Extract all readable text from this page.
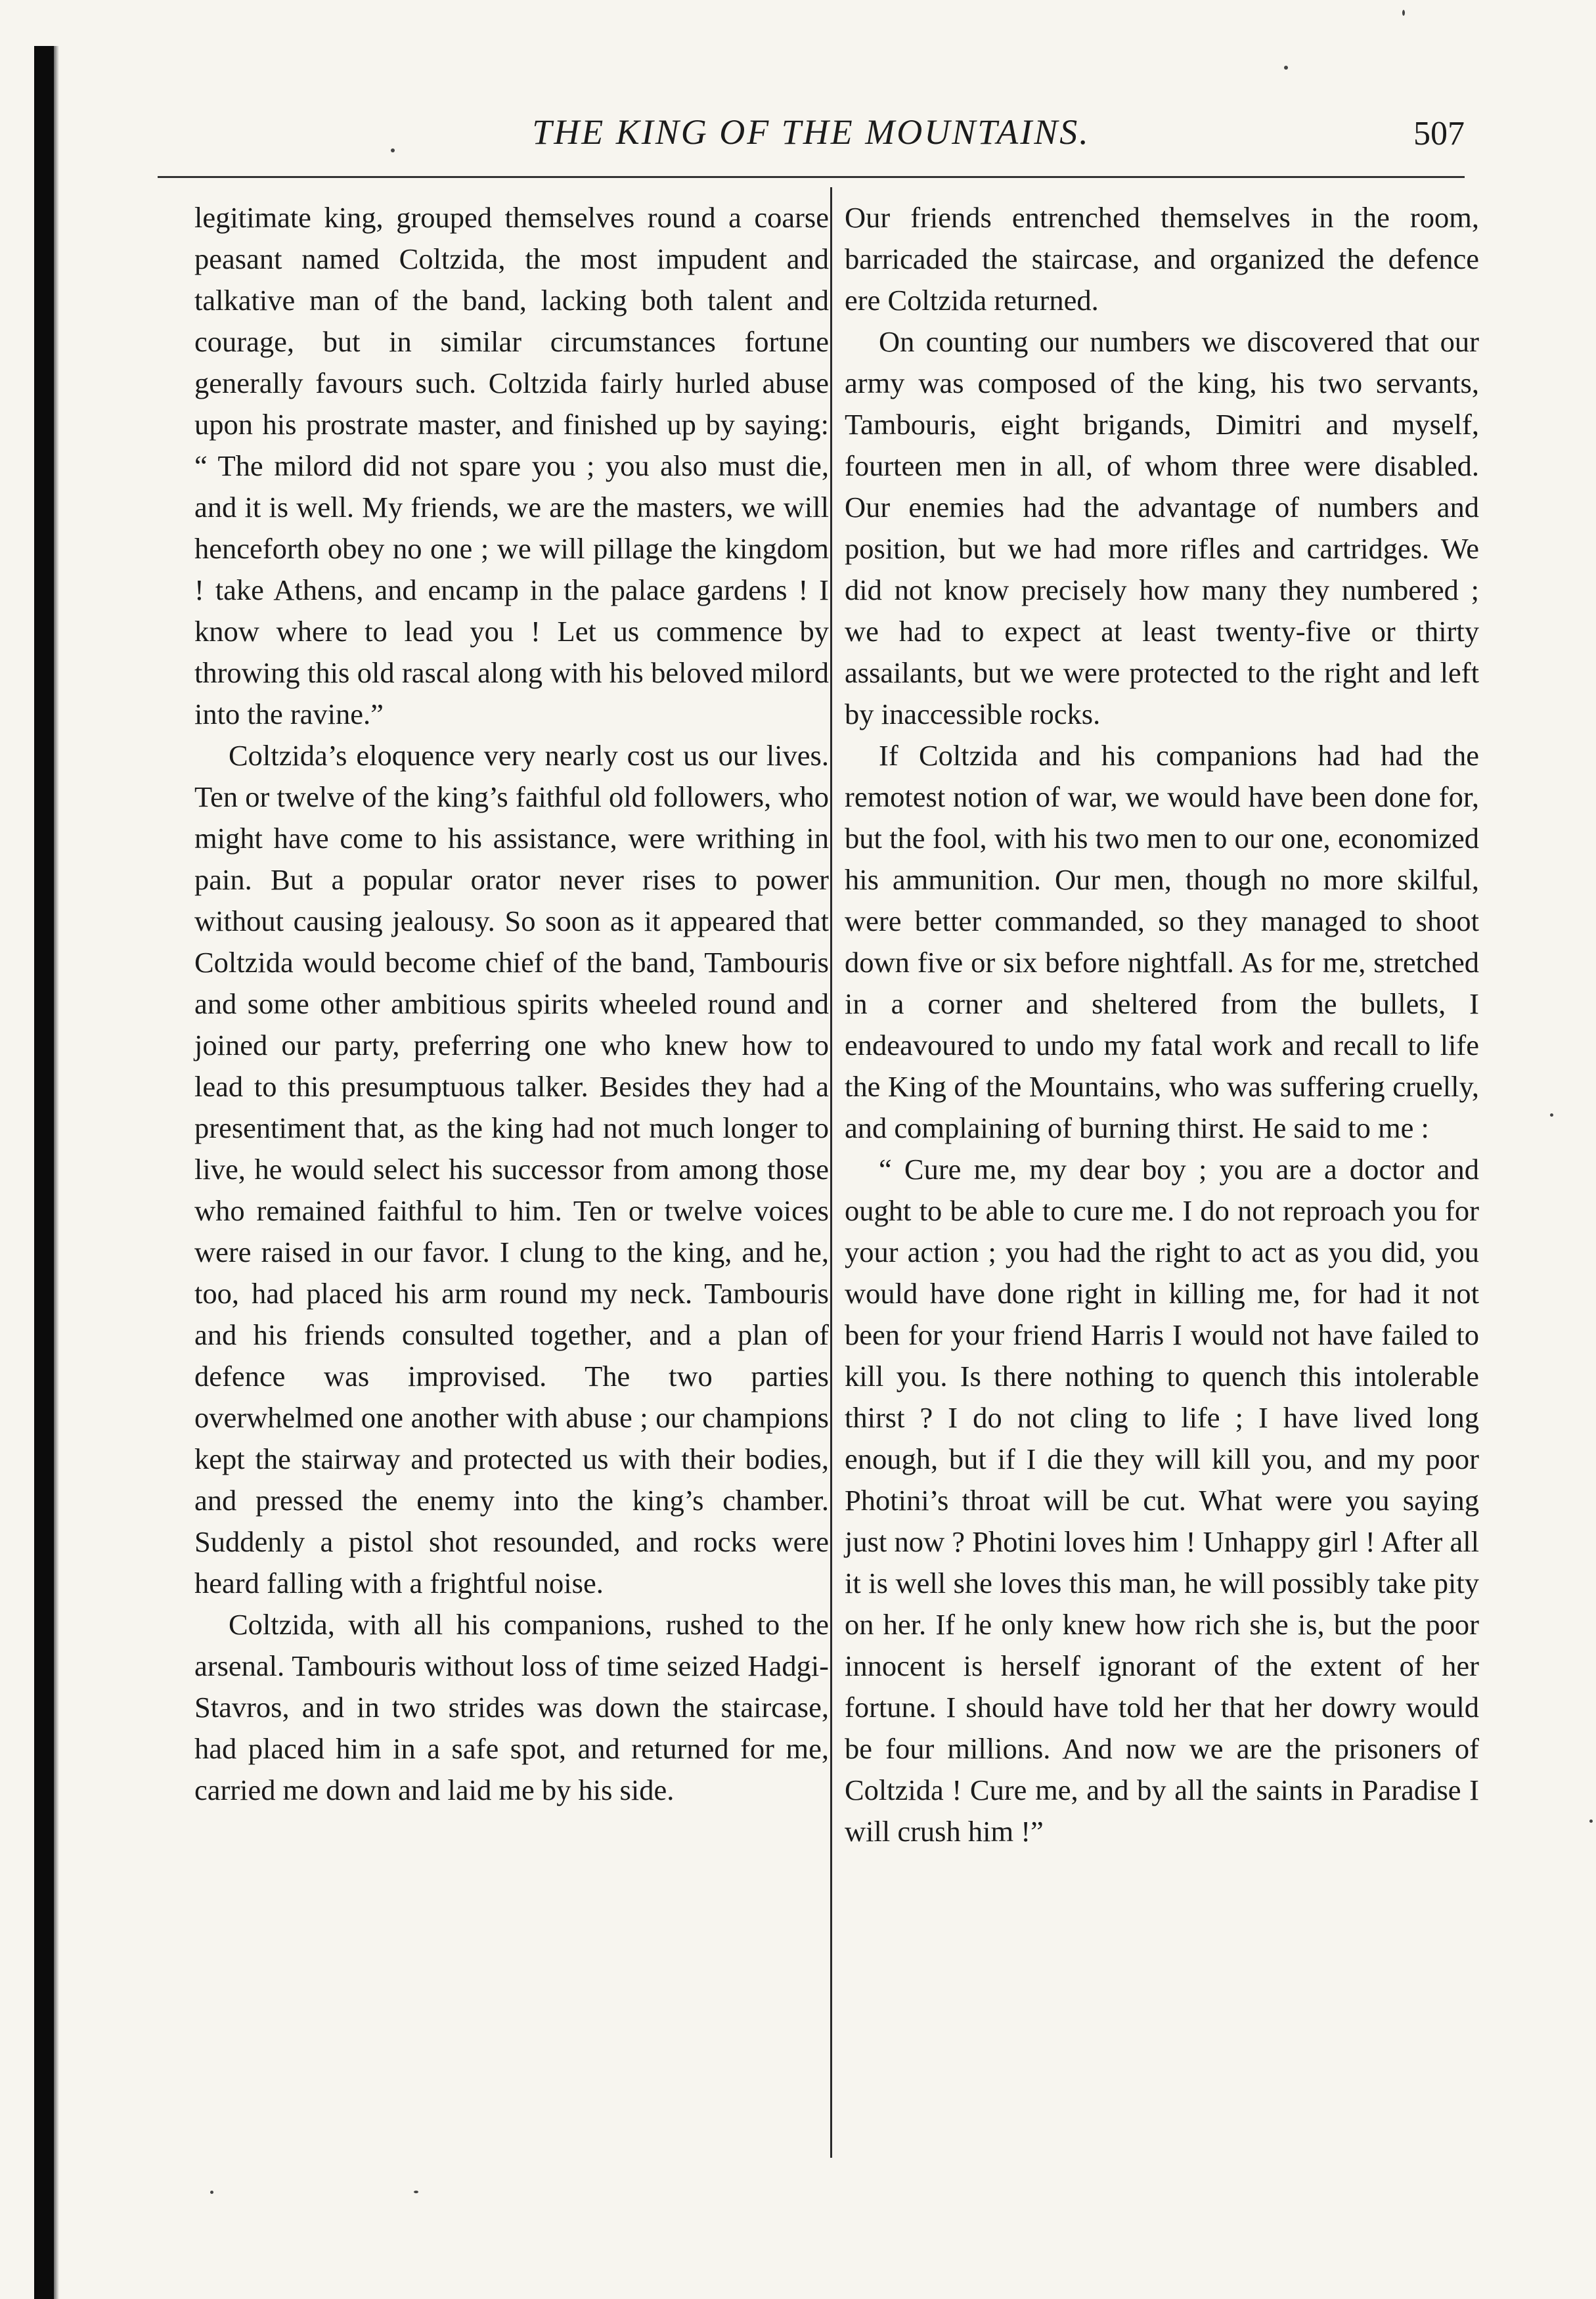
THE KING OF THE MOUNTAINS.	507

legitimate king, grouped themselves round a coarse peasant named Coltzida, the most impudent and talkative man of the band, lacking both talent and courage, but in similar circumstances fortune generally favours such. Coltzida fairly hurled abuse upon his prostrate master, and finished up by saying: “ The milord did not spare you ; you also must die, and it is well. My friends, we are the masters, we will henceforth obey no one ; we will pillage the kingdom ! take Athens, and encamp in the palace gardens ! I know where to lead you ! Let us commence by throwing this old rascal along with his beloved milord into the ravine.”

Coltzida’s eloquence very nearly cost us our lives. Ten or twelve of the king’s faithful old followers, who might have come to his assistance, were writhing in pain. But a popular orator never rises to power without causing jealousy. So soon as it appeared that Coltzida would become chief of the band, Tambouris and some other ambitious spirits wheeled round and joined our party, preferring one who knew how to lead to this presumptuous talker. Besides they had a presentiment that, as the king had not much longer to live, he would select his successor from among those who remained faithful to him. Ten or twelve voices were raised in our favor. I clung to the king, and he, too, had placed his arm round my neck. Tambouris and his friends consulted together, and a plan of defence was improvised. The two parties overwhelmed one another with abuse ; our champions kept the stairway and protected us with their bodies, and pressed the enemy into the king’s chamber. Suddenly a pistol shot resounded, and rocks were heard falling with a frightful noise.

Coltzida, with all his companions, rushed to the arsenal. Tambouris without loss of time seized Hadgi-Stavros, and in two strides was down the staircase, had placed him in a safe spot, and returned for me, carried me down and laid me by his side.

Our friends entrenched themselves in the room, barricaded the staircase, and organized the defence ere Coltzida returned.

On counting our numbers we discovered that our army was composed of the king, his two servants, Tambouris, eight brigands, Dimitri and myself, fourteen men in all, of whom three were disabled. Our enemies had the advantage of numbers and position, but we had more rifles and cartridges. We did not know precisely how many they numbered ; we had to expect at least twenty-five or thirty assailants, but we were protected to the right and left by inaccessible rocks.

If Coltzida and his companions had had the remotest notion of war, we would have been done for, but the fool, with his two men to our one, economized his ammunition. Our men, though no more skilful, were better commanded, so they managed to shoot down five or six before nightfall. As for me, stretched in a corner and sheltered from the bullets, I endeavoured to undo my fatal work and recall to life the King of the Mountains, who was suffering cruelly, and complaining of burning thirst. He said to me :

“ Cure me, my dear boy ; you are a doctor and ought to be able to cure me. I do not reproach you for your action ; you had the right to act as you did, you would have done right in killing me, for had it not been for your friend Harris I would not have failed to kill you. Is there nothing to quench this intolerable thirst ? I do not cling to life ; I have lived long enough, but if I die they will kill you, and my poor Photini’s throat will be cut. What were you saying just now ? Photini loves him ! Unhappy girl ! After all it is well she loves this man, he will possibly take pity on her. If he only knew how rich she is, but the poor innocent is herself ignorant of the extent of her fortune. I should have told her that her dowry would be four millions. And now we are the prisoners of Coltzida ! Cure me, and by all the saints in Paradise I will crush him !”
